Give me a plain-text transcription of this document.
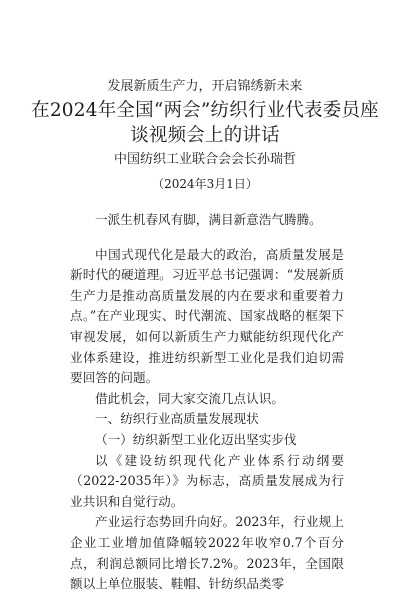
发展新质生产力，开启锦绣新未来
在2024年全国“两会”纺织行业代表委员座
谈视频会上的讲话
中国纺织工业联合会会长孙瑞哲
（2024年3月1日）

一派生机春风有脚，满目新意浩气腾腾。

中国式现代化是最大的政治，高质量发展是新时代的硬道理。习近平总书记强调：“发展新质生产力是推动高质量发展的内在要求和重要着力点。”在产业现实、时代潮流、国家战略的框架下审视发展，如何以新质生产力赋能纺织现代化产业体系建设，推进纺织新型工业化是我们迫切需要回答的问题。

借此机会，同大家交流几点认识。

一、纺织行业高质量发展现状
（一）纺织新型工业化迈出坚实步伐

以《建设纺织现代化产业体系行动纲要（2022-2035年）》为标志，高质量发展成为行业共识和自觉行动。

产业运行态势回升向好。2023年，行业规上企业工业增加值降幅较2022年收窄0.7个百分点，利润总额同比增长7.2%。2023年，全国限额以上单位服装、鞋帽、针纺织品类零
